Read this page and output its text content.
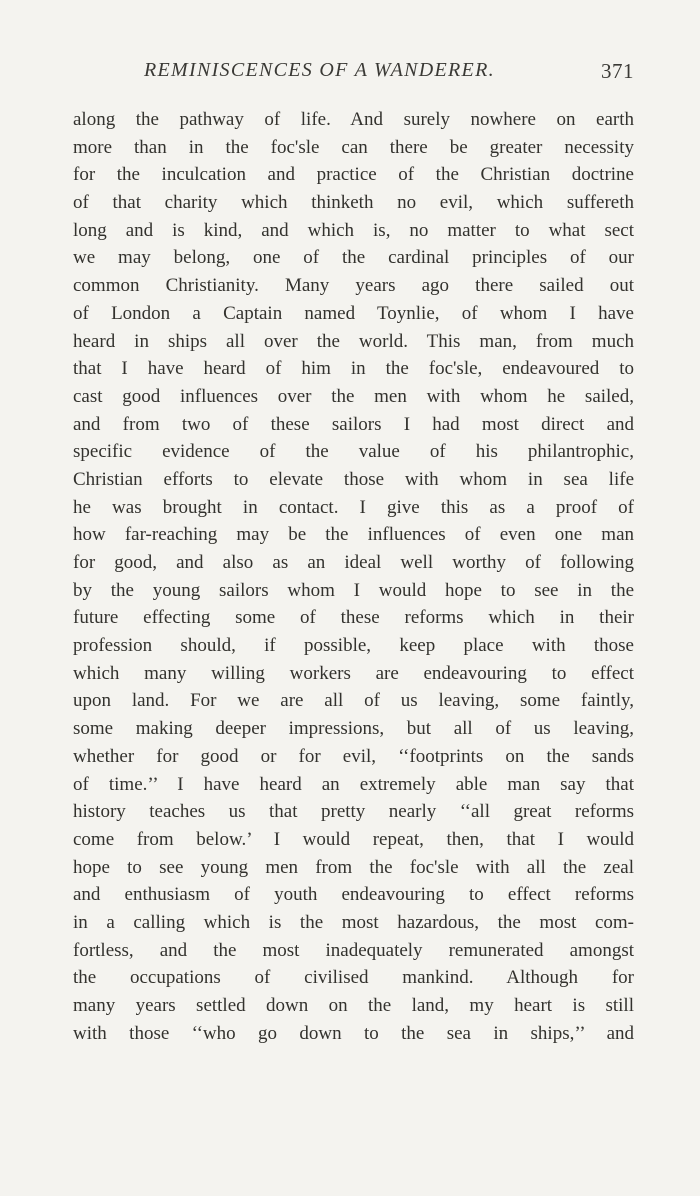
REMINISCENCES OF A WANDERER.	371
along the pathway of life. And surely nowhere on earth
more than in the foc'sle can there be greater necessity
for the inculcation and practice of the Christian doctrine
of that charity which thinketh no evil, which suffereth
long and is kind, and which is, no matter to what sect
we may belong, one of the cardinal principles of our
common Christianity. Many years ago there sailed out
of London a Captain named Toynlie, of whom I have
heard in ships all over the world. This man, from much
that I have heard of him in the foc'sle, endeavoured to
cast good influences over the men with whom he sailed,
and from two of these sailors I had most direct and
specific evidence of the value of his philantrophic,
Christian efforts to elevate those with whom in sea life
he was brought in contact. I give this as a proof of
how far-reaching may be the influences of even one man
for good, and also as an ideal well worthy of following
by the young sailors whom I would hope to see in the
future effecting some of these reforms which in their
profession should, if possible, keep place with those
which many willing workers are endeavouring to effect
upon land. For we are all of us leaving, some faintly,
some making deeper impressions, but all of us leaving,
whether for good or for evil, ‘‘footprints on the sands
of time.’’ I have heard an extremely able man say that
history teaches us that pretty nearly ‘‘all great reforms
come from below.’ I would repeat, then, that I would
hope to see young men from the foc'sle with all the zeal
and enthusiasm of youth endeavouring to effect reforms
in a calling which is the most hazardous, the most com-
fortless, and the most inadequately remunerated amongst
the occupations of civilised mankind. Although for
many years settled down on the land, my heart is still
with those ‘‘who go down to the sea in ships,’’ and
